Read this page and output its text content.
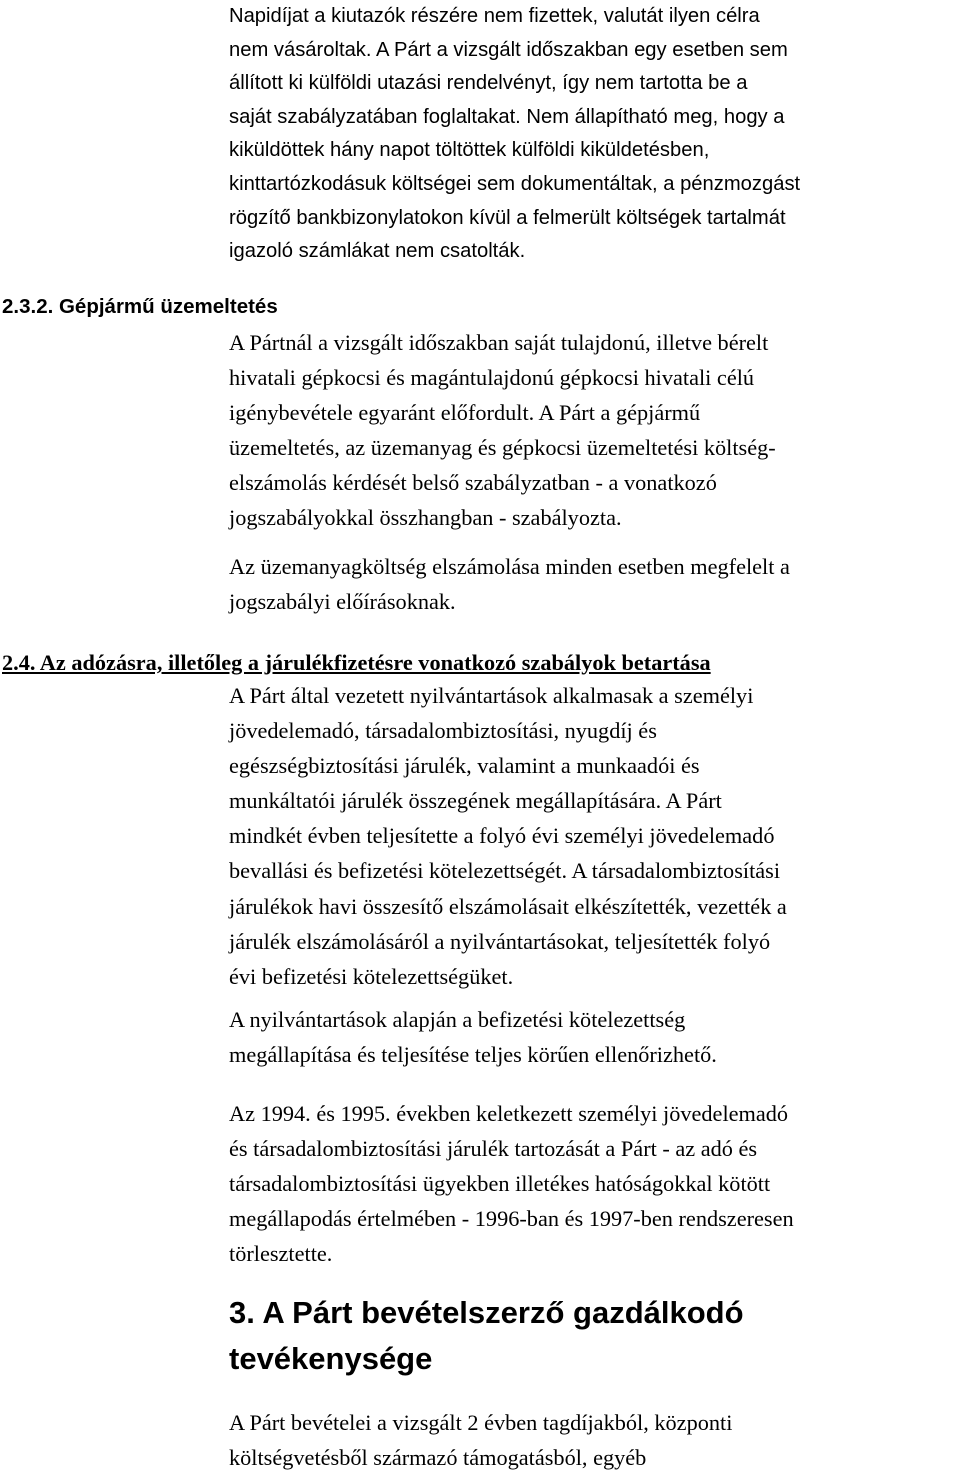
Napidíjat a kiutazók részére nem fizettek, valutát ilyen célra
nem vásároltak. A Párt a vizsgált időszakban egy esetben sem
állított ki külföldi utazási rendelvényt, így nem tartotta be a
saját szabályzatában foglaltakat. Nem állapítható meg, hogy a
kiküldöttek hány napot töltöttek külföldi kiküldetésben,
kinttartózkodásuk költségei sem dokumentáltak, a pénzmozgást
rögzítő bankbizonylatokon kívül a felmerült költségek tartalmát
igazoló számlákat nem csatolták.
2.3.2. Gépjármű üzemeltetés
A Pártnál a vizsgált időszakban saját tulajdonú, illetve bérelt
hivatali gépkocsi és magántulajdonú gépkocsi hivatali célú
igénybevétele egyaránt előfordult. A Párt a gépjármű
üzemeltetés, az üzemanyag és gépkocsi üzemeltetési költség-
elszámolás kérdését belső szabályzatban - a vonatkozó
jogszabályokkal összhangban - szabályozta.
Az üzemanyagköltség elszámolása minden esetben megfelelt a
jogszabályi előírásoknak.
2.4. Az adózásra, illetőleg a járulékfizetésre vonatkozó szabályok betartása
A Párt által vezetett nyilvántartások alkalmasak a személyi
jövedelemadó, társadalombiztosítási, nyugdíj és
egészségbiztosítási járulék, valamint a munkaadói és
munkáltatói járulék összegének megállapítására. A Párt
mindkét évben teljesítette a folyó évi személyi jövedelemadó
bevallási és befizetési kötelezettségét. A társadalombiztosítási
járulékok havi összesítő elszámolásait elkészítették, vezették a
járulék elszámolásáról a nyilvántartásokat, teljesítették folyó
évi befizetési kötelezettségüket.
A nyilvántartások alapján a befizetési kötelezettség
megállapítása és teljesítése teljes körűen ellenőrizhető.
Az 1994. és 1995. években keletkezett személyi jövedelemadó
és társadalombiztosítási járulék tartozását a Párt - az adó és
társadalombiztosítási ügyekben illetékes hatóságokkal kötött
megállapodás értelmében - 1996-ban és 1997-ben rendszeresen
törlesztette.
3. A Párt bevételszerző gazdálkodó
tevékenysége
A Párt bevételei a vizsgált 2 évben tagdíjakból, központi
költségvetésből származó támogatásból, egyéb
